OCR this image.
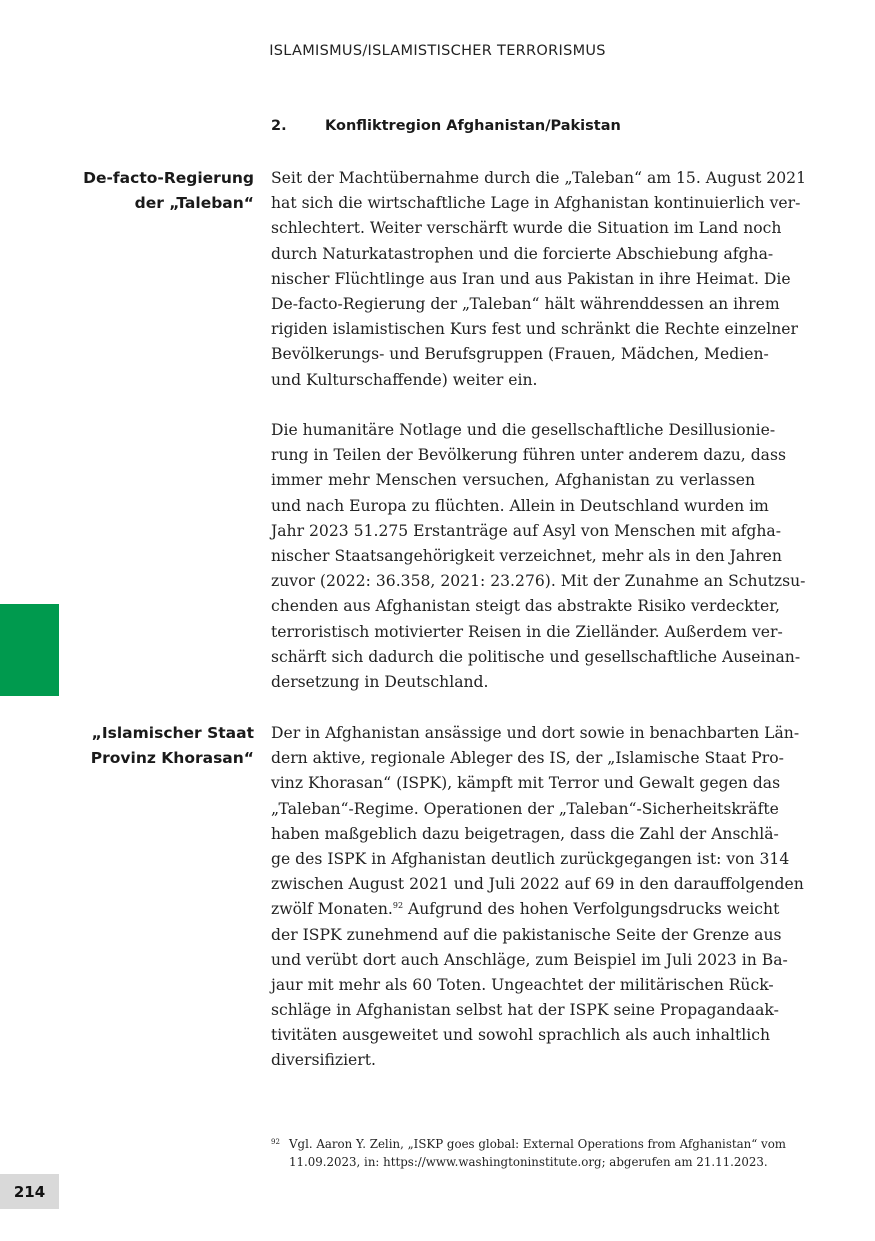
ISLAMISMUS/ISLAMISTISCHER TERRORISMUS
2.	Konfliktregion Afghanistan/Pakistan
De-facto-Regierung
der „Taleban“
„Islamischer Staat
Provinz Khorasan“
Seit der Machtübernahme durch die „Taleban“ am 15. August 2021
hat sich die wirtschaftliche Lage in Afghanistan kontinuierlich ver-
schlechtert. Weiter verschärft wurde die Situation im Land noch
durch Naturkatastrophen und die forcierte Abschiebung afgha-
nischer Flüchtlinge aus Iran und aus Pakistan in ihre Heimat. Die
De-facto-Regierung der „Taleban“ hält währenddessen an ihrem
rigiden islamistischen Kurs fest und schränkt die Rechte einzelner
Bevölkerungs- und Berufsgruppen (Frauen, Mädchen, Medien-
und Kulturschaffende) weiter ein.
Die humanitäre Notlage und die gesellschaftliche Desillusionie-
rung in Teilen der Bevölkerung führen unter anderem dazu, dass
immer mehr Menschen versuchen, Afghanistan zu verlassen
und nach Europa zu flüchten. Allein in Deutschland wurden im
Jahr 2023 51.275 Erstanträge auf Asyl von Menschen mit afgha-
nischer Staatsangehörigkeit verzeichnet, mehr als in den Jahren
zuvor (2022: 36.358, 2021: 23.276). Mit der Zunahme an Schutzsu-
chenden aus Afghanistan steigt das abstrakte Risiko verdeckter,
terroristisch motivierter Reisen in die Zielländer. Außerdem ver-
schärft sich dadurch die politische und gesellschaftliche Auseinan-
dersetzung in Deutschland.
Der in Afghanistan ansässige und dort sowie in benachbarten Län-
dern aktive, regionale Ableger des IS, der „Islamische Staat Pro-
vinz Khorasan“ (ISPK), kämpft mit Terror und Gewalt gegen das
„Taleban“-Regime. Operationen der „Taleban“-Sicherheitskräfte
haben maßgeblich dazu beigetragen, dass die Zahl der Anschlä-
ge des ISPK in Afghanistan deutlich zurückgegangen ist: von 314
zwischen August 2021 und Juli 2022 auf 69 in den darauffolgenden
zwölf Monaten.$^{92}$ Aufgrund des hohen Verfolgungsdrucks weicht
der ISPK zunehmend auf die pakistanische Seite der Grenze aus
und verübt dort auch Anschläge, zum Beispiel im Juli 2023 in Ba-
jaur mit mehr als 60 Toten. Ungeachtet der militärischen Rück-
schläge in Afghanistan selbst hat der ISPK seine Propagandaak-
tivitäten ausgeweitet und sowohl sprachlich als auch inhaltlich
diversifiziert.
92 Vgl. Aaron Y. Zelin, „ISKP goes global: External Operations from Afghanistan“ vom
11.09.2023, in: https://www.washingtoninstitute.org; abgerufen am 21.11.2023.
214
